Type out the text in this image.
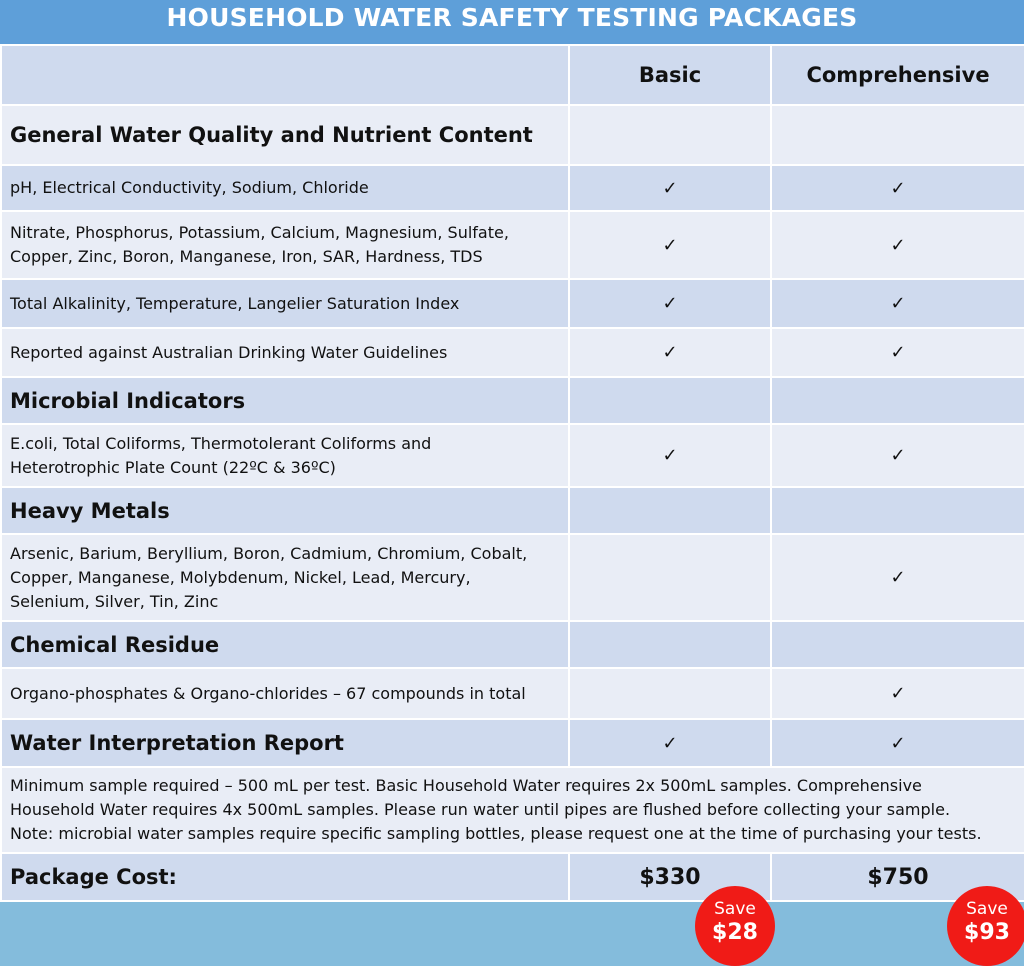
HOUSEHOLD WATER SAFETY TESTING PACKAGES
	Basic	Comprehensive
General Water Quality and Nutrient Content		
pH, Electrical Conductivity, Sodium, Chloride	✓	✓

Nitrate, Phosphorus, Potassium, Calcium, Magnesium, Sulfate,
Copper, Zinc, Boron, Manganese, Iron, SAR, Hardness, TDS	✓	✓
Total Alkalinity, Temperature, Langelier Saturation Index	✓	✓
Reported against Australian Drinking Water Guidelines	✓	✓
Microbial Indicators		

E.coli, Total Coliforms, Thermotolerant Coliforms and
Heterotrophic Plate Count (22ºC & 36ºC)	✓	✓
Heavy Metals		

Arsenic, Barium, Beryllium, Boron, Cadmium, Chromium, Cobalt,
Copper, Manganese, Molybdenum, Nickel, Lead, Mercury,
Selenium, Silver, Tin, Zinc		✓
Chemical Residue		
Organo-phosphates & Organo-chlorides – 67 compounds in total		✓
Water Interpretation Report	✓	✓

Minimum sample required – 500 mL per test. Basic Household Water requires 2x 500mL samples. Comprehensive
Household Water requires 4x 500mL samples. Please run water until pipes are flushed before collecting your sample.
Note: microbial water samples require specific sampling bottles, please request one at the time of purchasing your tests.		

Package Cost:	$330	$750
Save
$28
Save
$93
